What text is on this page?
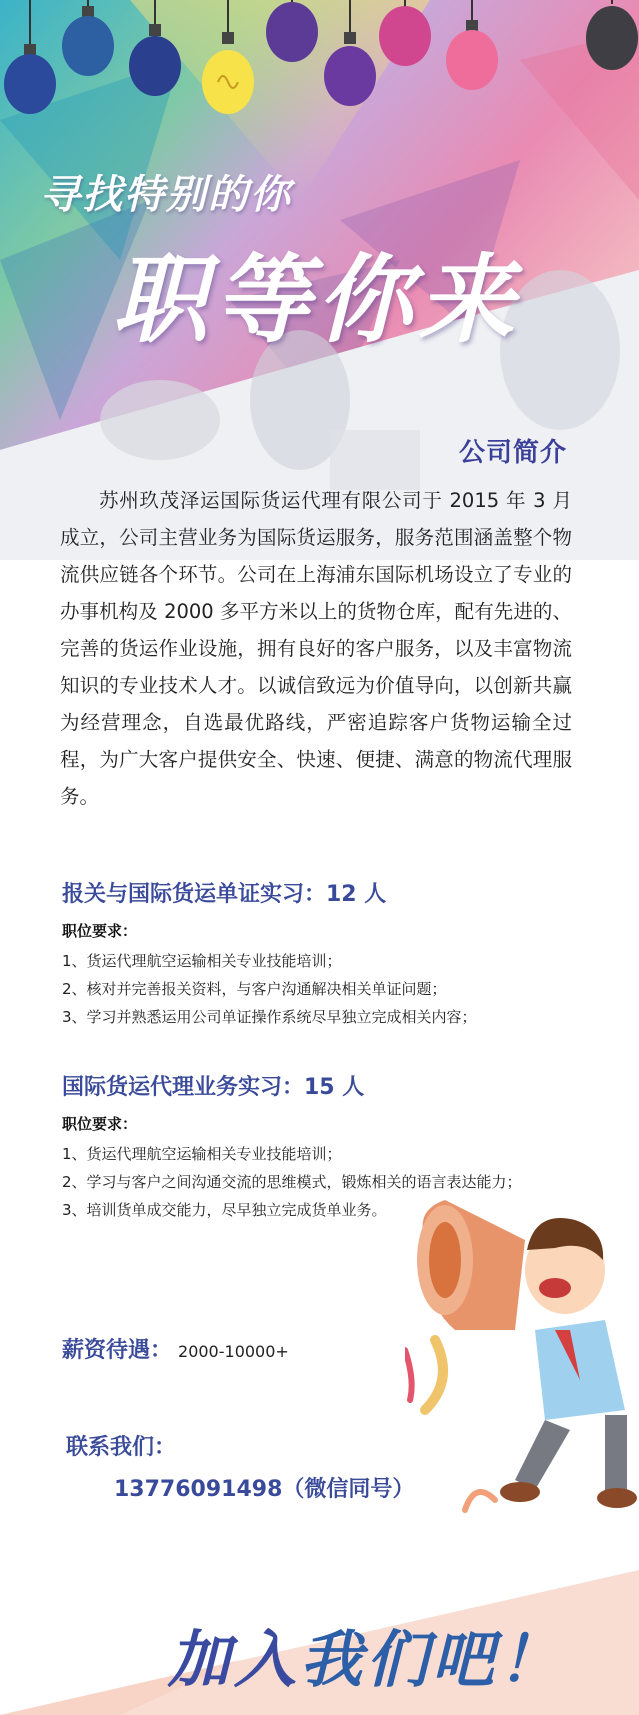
寻找特别的你
职等你来
公司简介
苏州玖茂泽运国际货运代理有限公司于 2015 年 3 月成立，公司主营业务为国际货运服务，服务范围涵盖整个物流供应链各个环节。公司在上海浦东国际机场设立了专业的办事机构及 2000 多平方米以上的货物仓库，配有先进的、完善的货运作业设施，拥有良好的客户服务，以及丰富物流知识的专业技术人才。以诚信致远为价值导向，以创新共赢为经营理念，自选最优路线，严密追踪客户货物运输全过程，为广大客户提供安全、快速、便捷、满意的物流代理服务。
报关与国际货运单证实习：12 人
职位要求：
1、货运代理航空运输相关专业技能培训；
2、核对并完善报关资料，与客户沟通解决相关单证问题；
3、学习并熟悉运用公司单证操作系统尽早独立完成相关内容；
国际货运代理业务实习：15 人
职位要求：
1、货运代理航空运输相关专业技能培训；
2、学习与客户之间沟通交流的思维模式，锻炼相关的语言表达能力；
3、培训货单成交能力，尽早独立完成货单业务。
薪资待遇： 2000-10000+
联系我们：
13776091498（微信同号）
加入我们吧！
